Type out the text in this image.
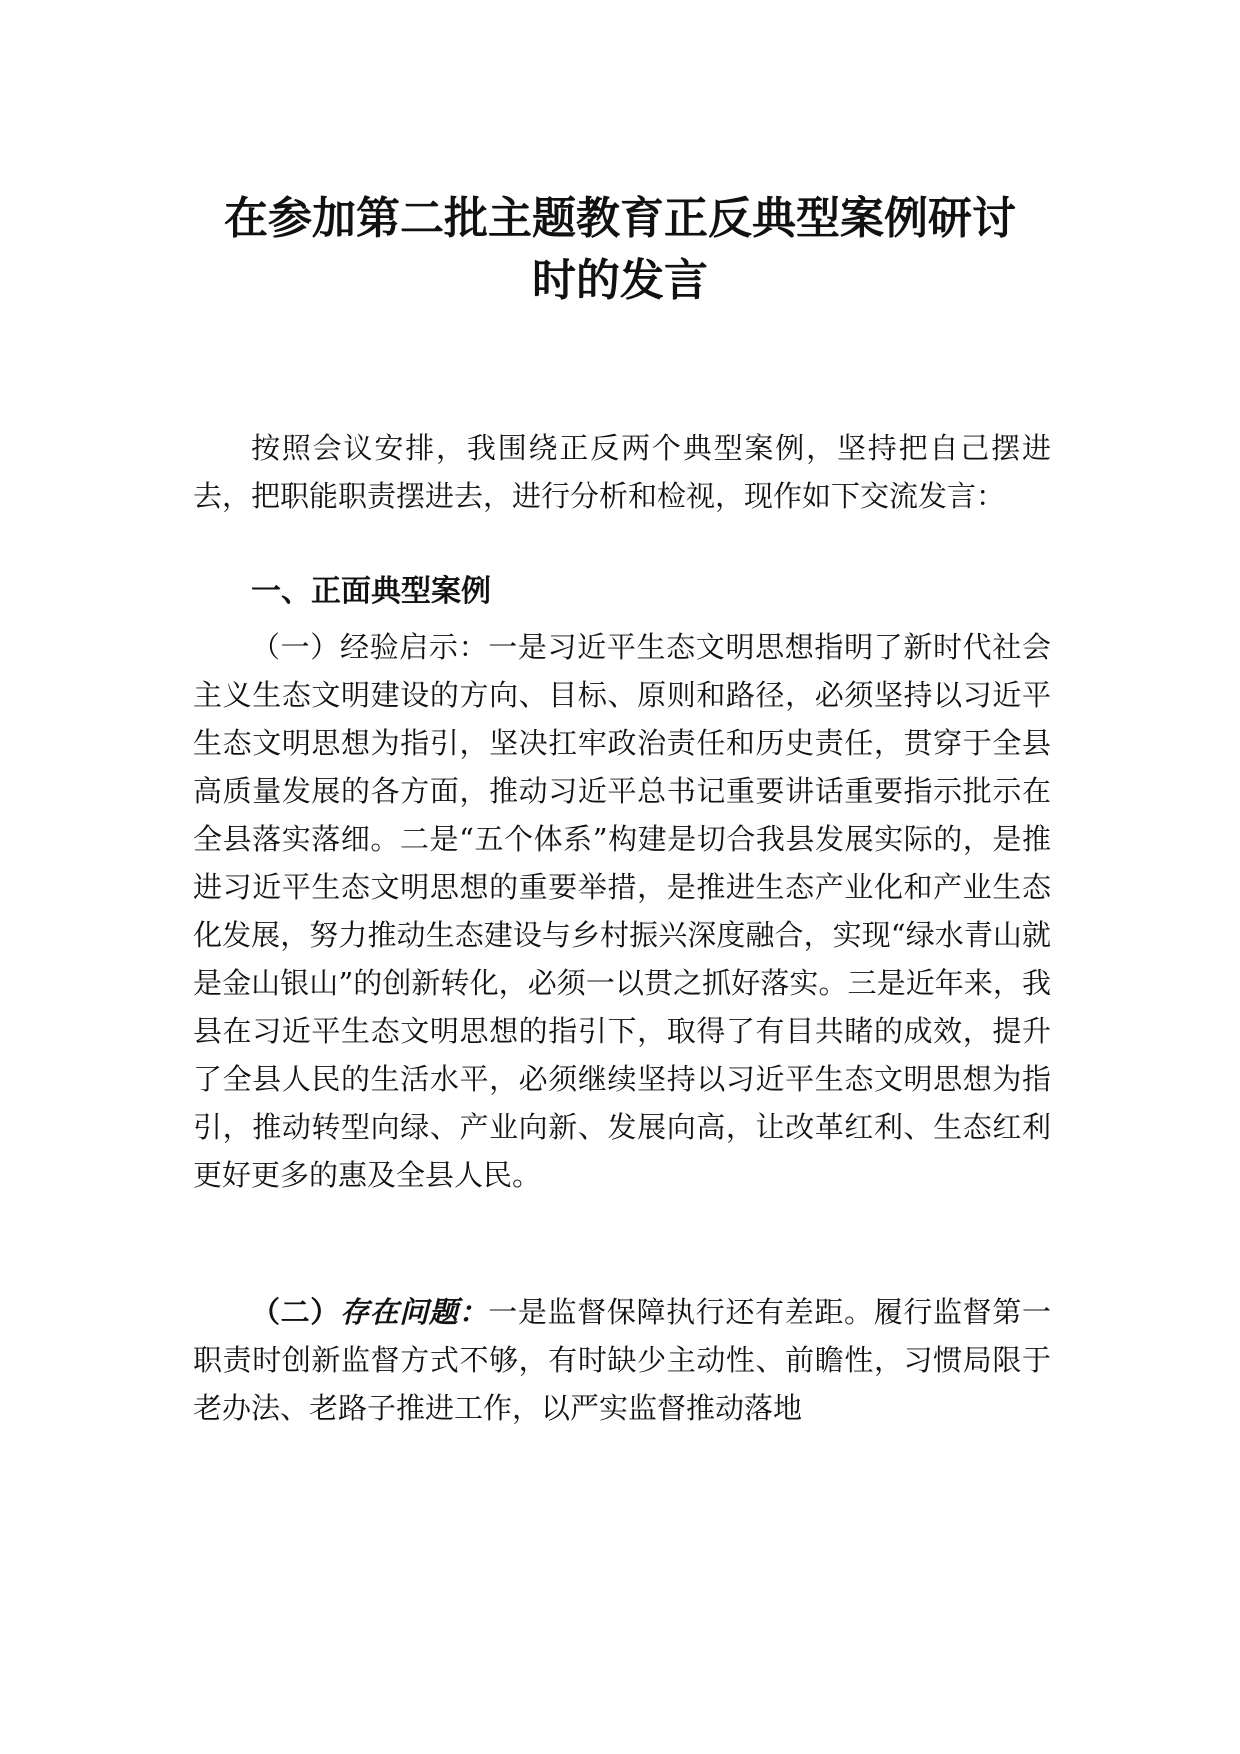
在参加第二批主题教育正反典型案例研讨
时的发言

按照会议安排，我围绕正反两个典型案例，坚持把自己摆进去，把职能职责摆进去，进行分析和检视，现作如下交流发言：

一、正面典型案例

（一）经验启示：一是习近平生态文明思想指明了新时代社会主义生态文明建设的方向、目标、原则和路径，必须坚持以习近平生态文明思想为指引，坚决扛牢政治责任和历史责任，贯穿于全县高质量发展的各方面，推动习近平总书记重要讲话重要指示批示在全县落实落细。二是“五个体系”构建是切合我县发展实际的，是推进习近平生态文明思想的重要举措，是推进生态产业化和产业生态化发展，努力推动生态建设与乡村振兴深度融合，实现“绿水青山就是金山银山”的创新转化，必须一以贯之抓好落实。三是近年来，我县在习近平生态文明思想的指引下，取得了有目共睹的成效，提升了全县人民的生活水平，必须继续坚持以习近平生态文明思想为指引，推动转型向绿、产业向新、发展向高，让改革红利、生态红利更好更多的惠及全县人民。

（二）存在问题：一是监督保障执行还有差距。履行监督第一职责时创新监督方式不够，有时缺少主动性、前瞻性，习惯局限于老办法、老路子推进工作，以严实监督推动落地
